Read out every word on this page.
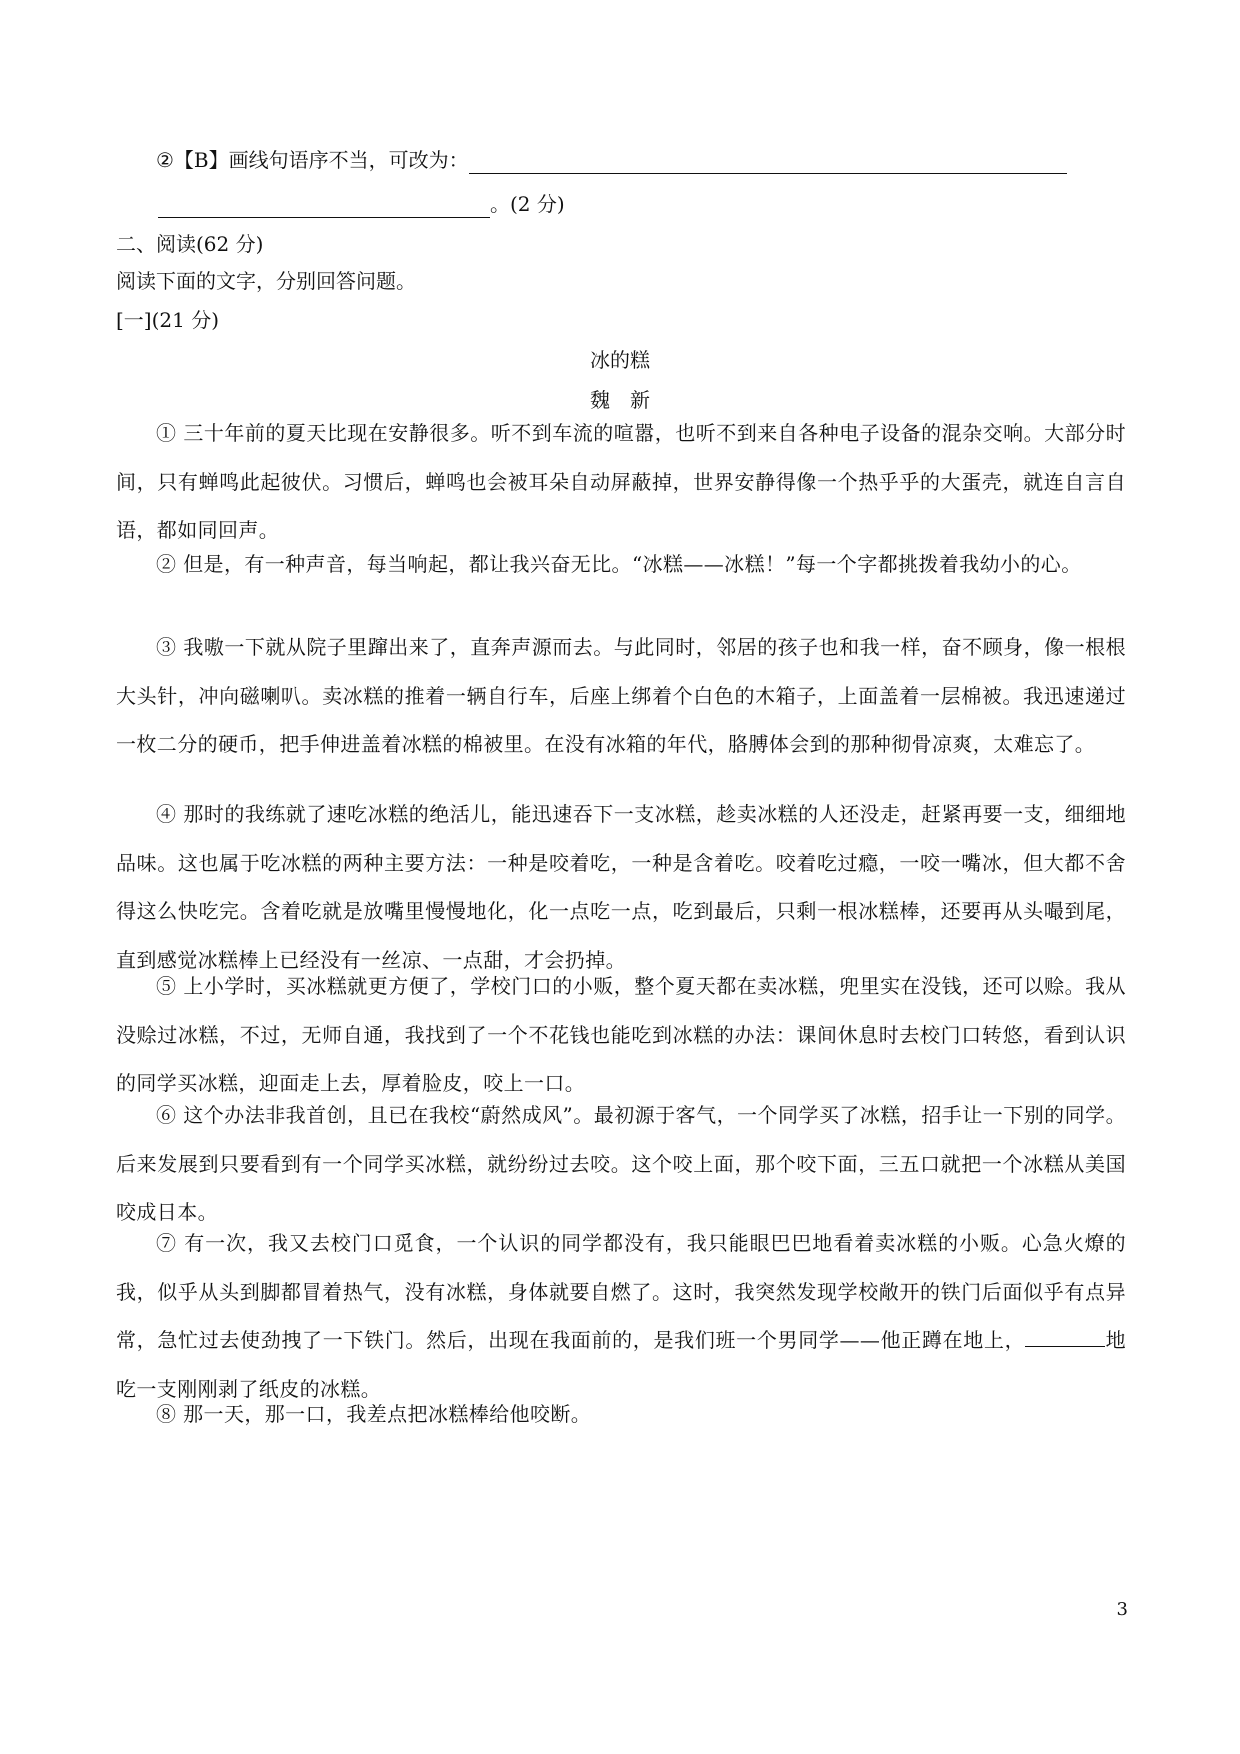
②【B】画线句语序不当，可改为：
。(2 分)
二、阅读(62 分)
阅读下面的文字，分别回答问题。
[一](21 分)
冰的糕
魏　新
① 三十年前的夏天比现在安静很多。听不到车流的喧嚣，也听不到来自各种电子设备的混杂交响。大部分时间，只有蝉鸣此起彼伏。习惯后，蝉鸣也会被耳朵自动屏蔽掉，世界安静得像一个热乎乎的大蛋壳，就连自言自语，都如同回声。
② 但是，有一种声音，每当响起，都让我兴奋无比。“冰糕——冰糕！”每一个字都挑拨着我幼小的心。
③ 我嗷一下就从院子里蹿出来了，直奔声源而去。与此同时，邻居的孩子也和我一样，奋不顾身，像一根根大头针，冲向磁喇叭。卖冰糕的推着一辆自行车，后座上绑着个白色的木箱子，上面盖着一层棉被。我迅速递过一枚二分的硬币，把手伸进盖着冰糕的棉被里。在没有冰箱的年代，胳膊体会到的那种彻骨凉爽，太难忘了。
④ 那时的我练就了速吃冰糕的绝活儿，能迅速吞下一支冰糕，趁卖冰糕的人还没走，赶紧再要一支，细细地品味。这也属于吃冰糕的两种主要方法：一种是咬着吃，一种是含着吃。咬着吃过瘾，一咬一嘴冰，但大都不舍得这么快吃完。含着吃就是放嘴里慢慢地化，化一点吃一点，吃到最后，只剩一根冰糕棒，还要再从头嘬到尾，直到感觉冰糕棒上已经没有一丝凉、一点甜，才会扔掉。
⑤ 上小学时，买冰糕就更方便了，学校门口的小贩，整个夏天都在卖冰糕，兜里实在没钱，还可以赊。我从没赊过冰糕，不过，无师自通，我找到了一个不花钱也能吃到冰糕的办法：课间休息时去校门口转悠，看到认识的同学买冰糕，迎面走上去，厚着脸皮，咬上一口。
⑥ 这个办法非我首创，且已在我校“蔚然成风”。最初源于客气，一个同学买了冰糕，招手让一下别的同学。后来发展到只要看到有一个同学买冰糕，就纷纷过去咬。这个咬上面，那个咬下面，三五口就把一个冰糕从美国咬成日本。
⑦ 有一次，我又去校门口觅食，一个认识的同学都没有，我只能眼巴巴地看着卖冰糕的小贩。心急火燎的我，似乎从头到脚都冒着热气，没有冰糕，身体就要自燃了。这时，我突然发现学校敞开的铁门后面似乎有点异常，急忙过去使劲拽了一下铁门。然后，出现在我面前的，是我们班一个男同学——他正蹲在地上，	地吃一支刚刚剥了纸皮的冰糕。
⑧ 那一天，那一口，我差点把冰糕棒给他咬断。
3
